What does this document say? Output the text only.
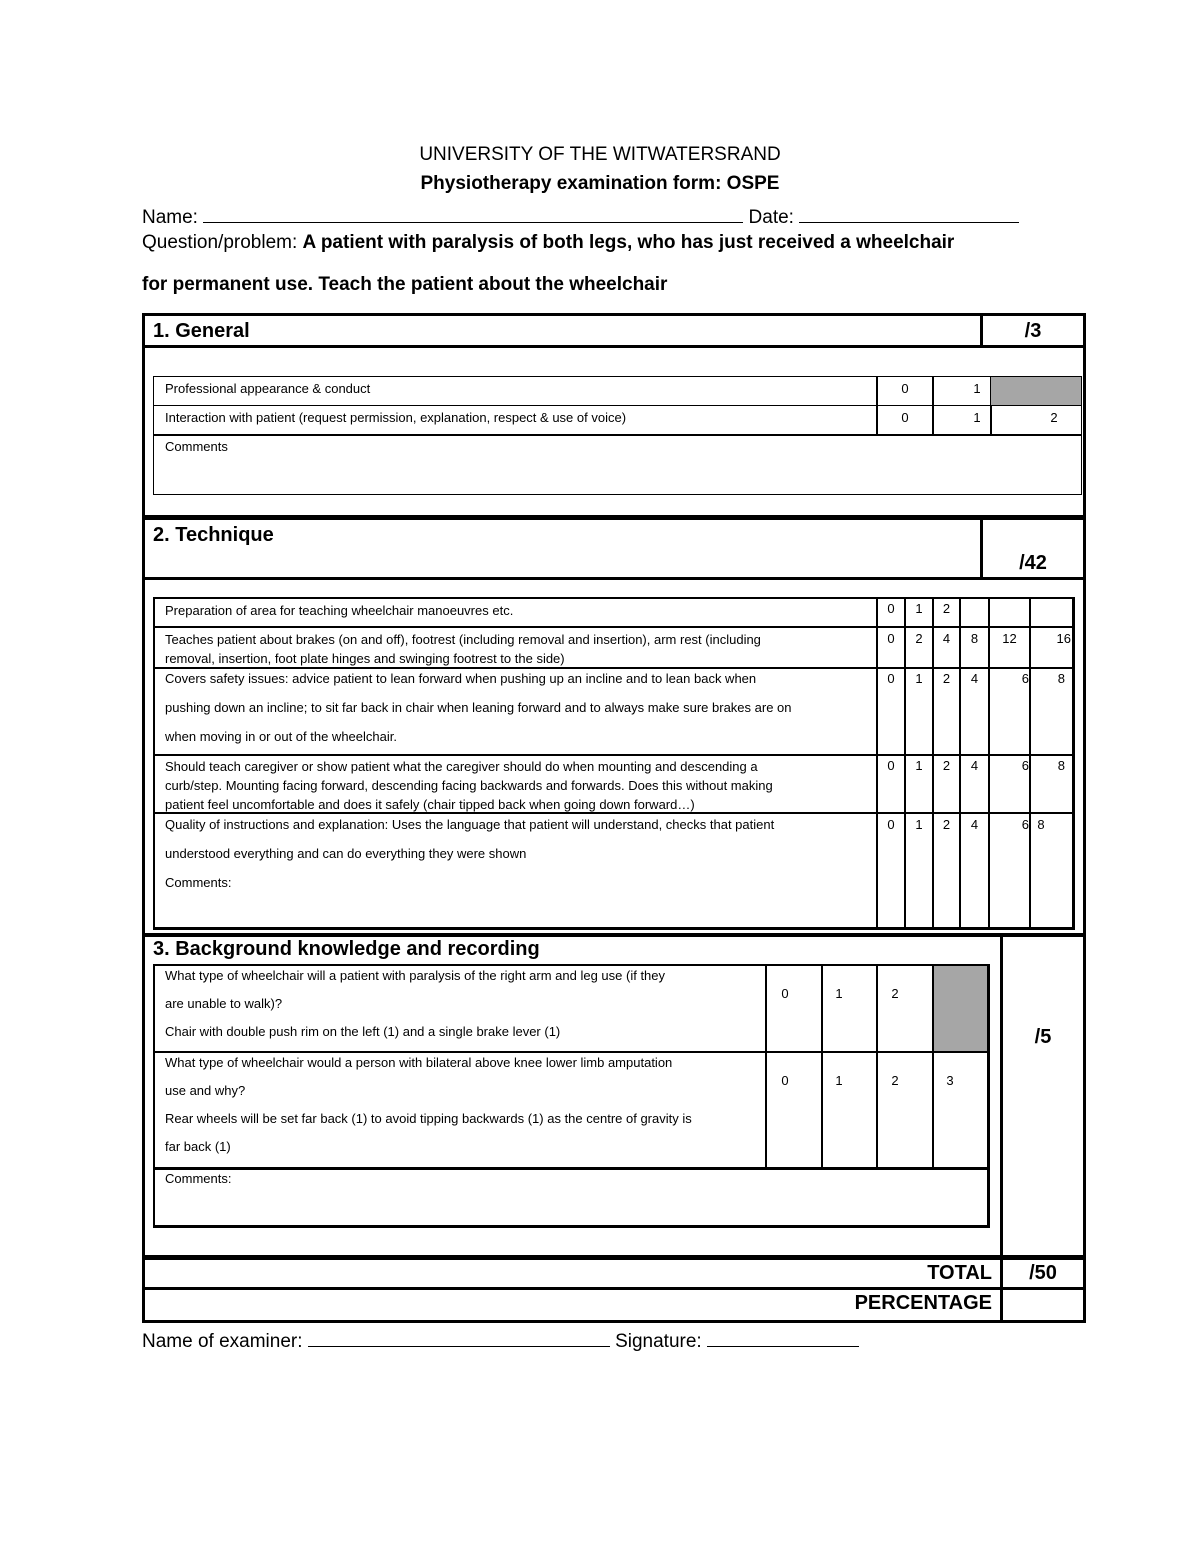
UNIVERSITY OF THE WITWATERSRAND
Physiotherapy examination form: OSPE
Name:	Date:
Question/problem: A patient with paralysis of both legs, who has just received a wheelchair
for permanent use. Teach the patient about the wheelchair
1. General	/3
Professional appearance & conduct	0	1
Interaction with patient (request permission, explanation, respect & use of voice)	0	1	2
Comments
2. Technique
/42
Preparation of area for teaching wheelchair manoeuvres etc.	0	1	2
Teaches patient about brakes (on and off), footrest (including removal and insertion), arm rest (including
removal, insertion, foot plate hinges and swinging footrest to the side)
0	2	4	8	12	16
Covers safety issues: advice patient to lean forward when pushing up an incline and to lean back when
pushing down an incline; to sit far back in chair when leaning forward and to always make sure brakes are on
when moving in or out of the wheelchair.
0	1	2	4	6	8
Should teach caregiver or show patient what the caregiver should do when mounting and descending a
curb/step. Mounting facing forward, descending facing backwards and forwards. Does this without making
patient feel uncomfortable and does it safely (chair tipped back when going down forward…)
0	1	2	4	6	8
Quality of instructions and explanation: Uses the language that patient will understand, checks that patient
understood everything and can do everything they were shown
Comments:
0	1	2	4	6 8
3. Background knowledge and recording
/5
What type of wheelchair will a patient with paralysis of the right arm and leg use (if they
are unable to walk)?
Chair with double push rim on the left (1) and a single brake lever (1)
0	1	2
What type of wheelchair would a person with bilateral above knee lower limb amputation
use and why?
Rear wheels will be set far back (1) to avoid tipping backwards (1) as the centre of gravity is
far back (1)
0	1	2	3
Comments:
TOTAL	/50
PERCENTAGE
Name of examiner:	Signature:
